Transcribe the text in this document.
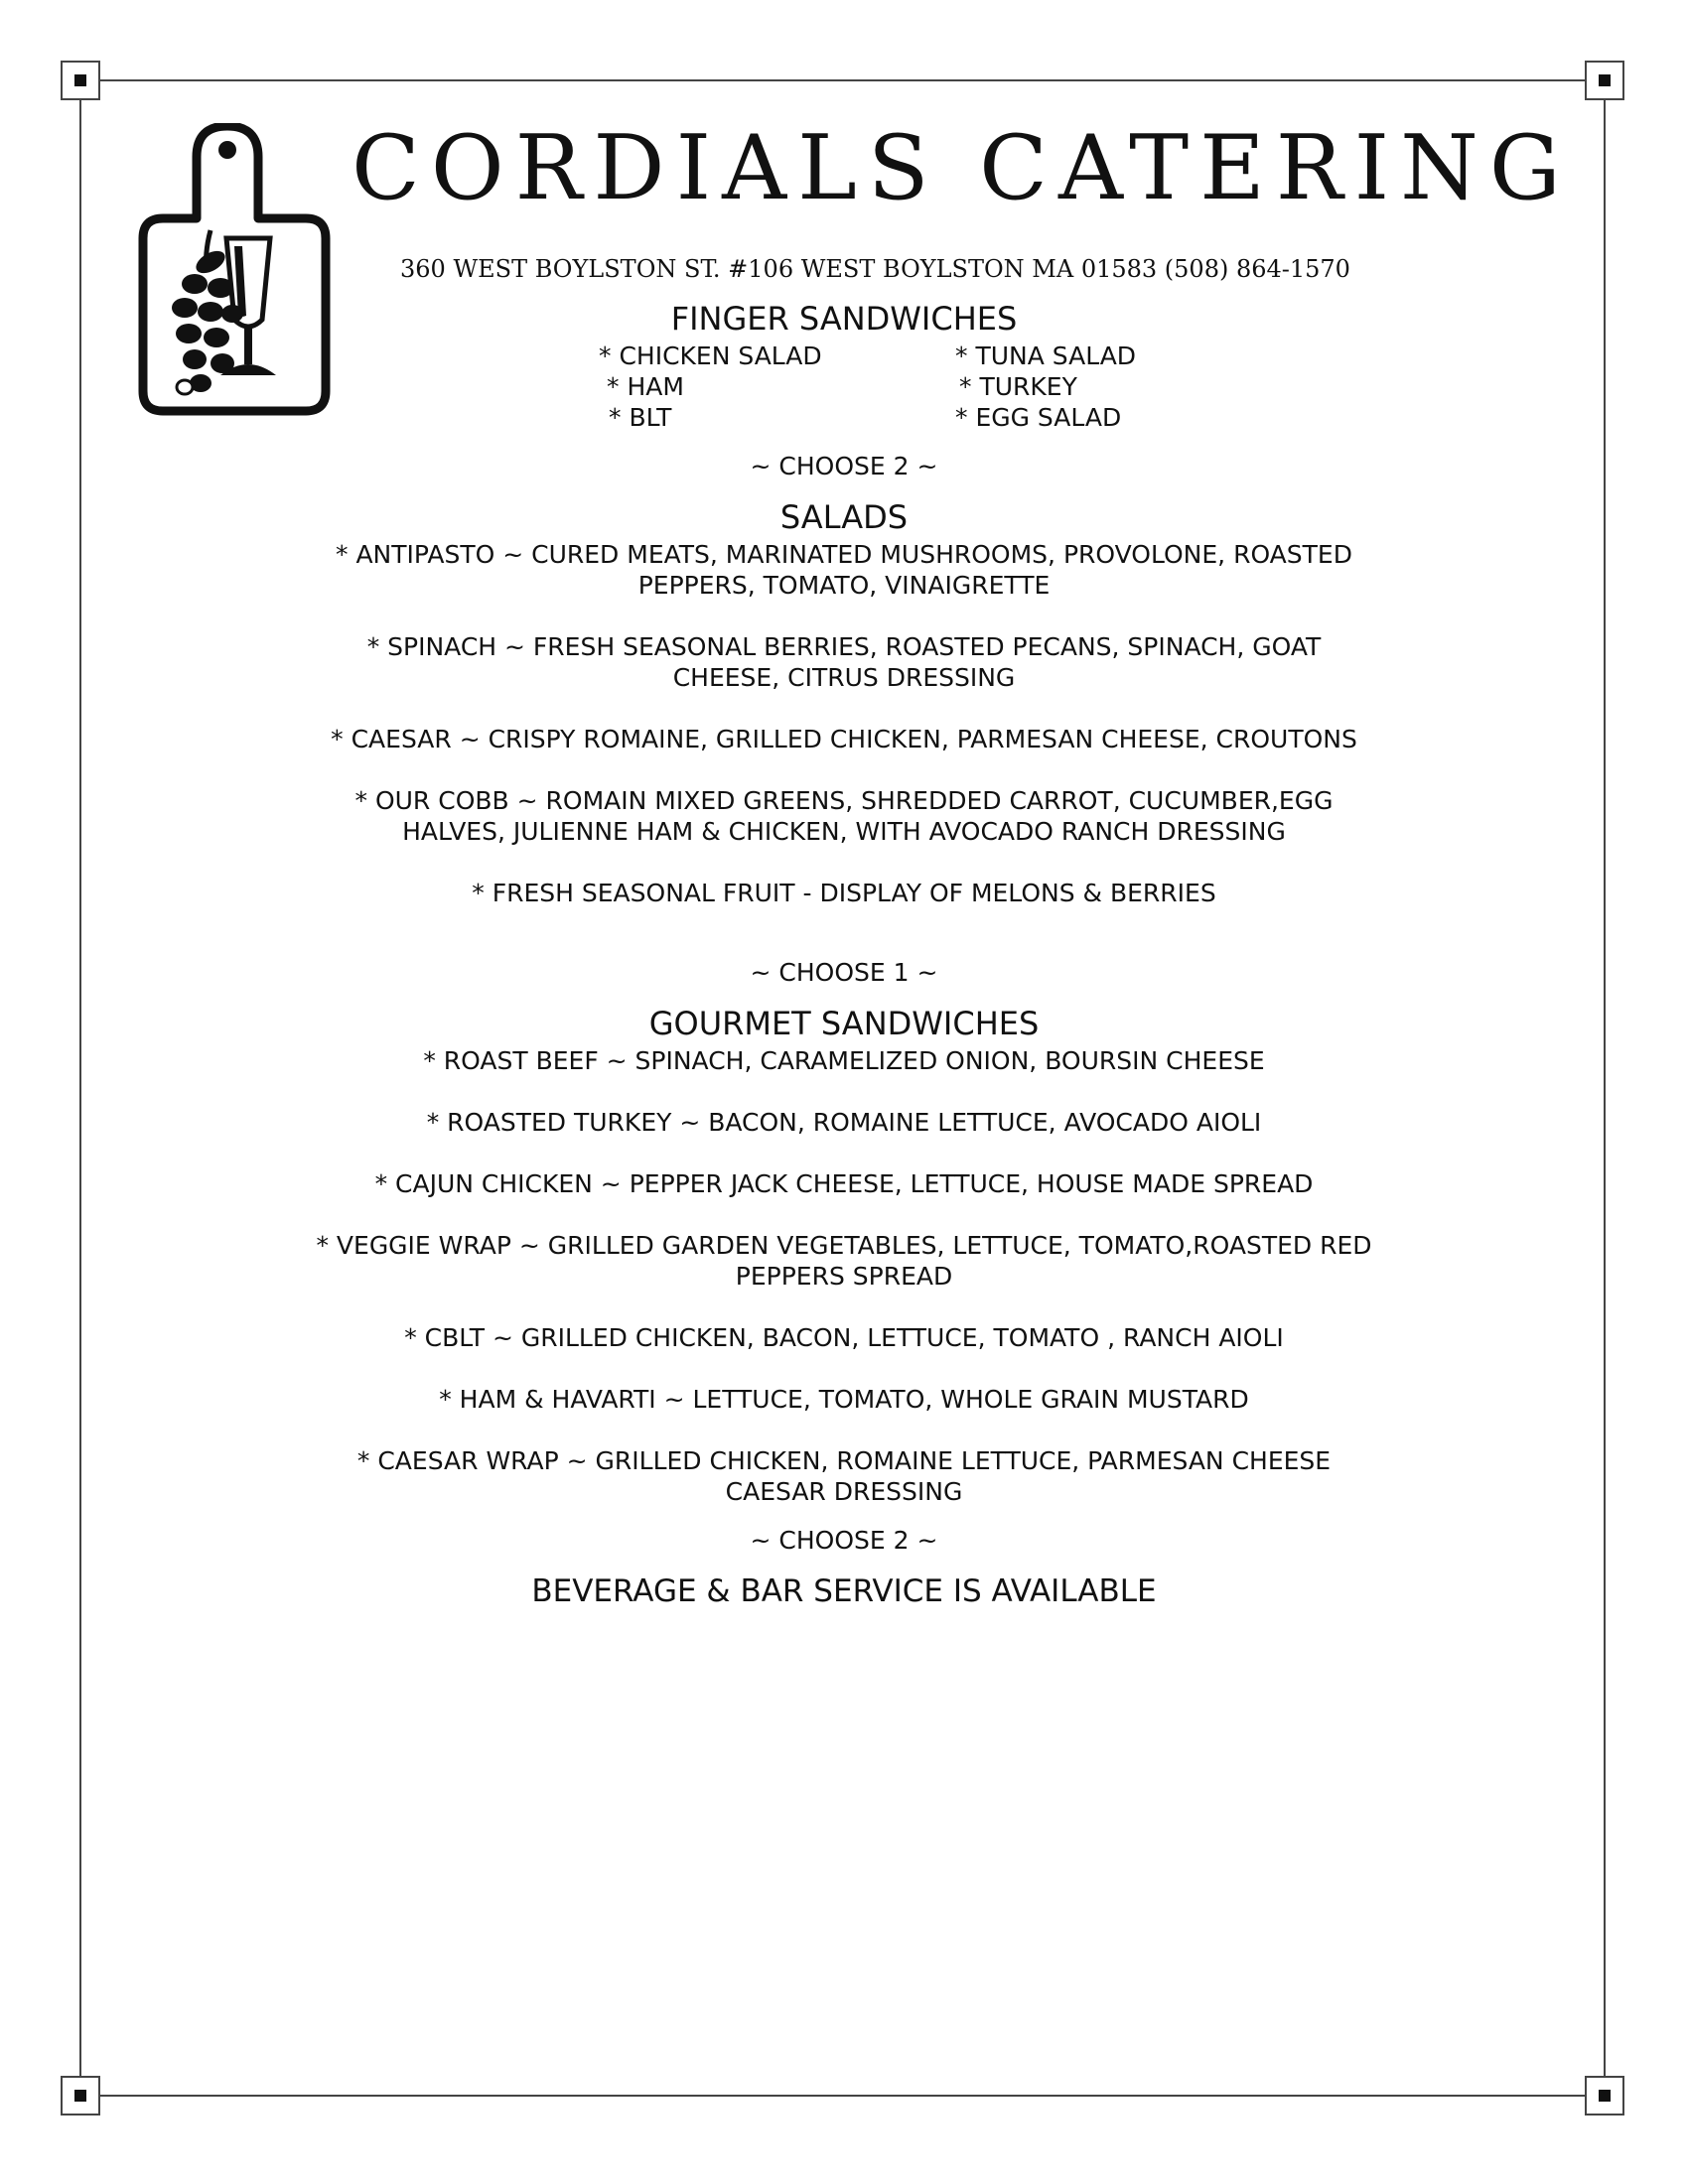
CORDIALS CATERING
360 WEST BOYLSTON ST. #106 WEST BOYLSTON MA 01583 (508) 864-1570
FINGER SANDWICHES
* CHICKEN SALAD
* HAM
* BLT
* TUNA SALAD
* TURKEY
* EGG SALAD
~ CHOOSE 2 ~
SALADS
* ANTIPASTO ~ CURED MEATS, MARINATED MUSHROOMS, PROVOLONE, ROASTED
PEPPERS, TOMATO, VINAIGRETTE
* SPINACH ~ FRESH SEASONAL BERRIES, ROASTED PECANS, SPINACH, GOAT
CHEESE, CITRUS DRESSING
* CAESAR ~ CRISPY ROMAINE, GRILLED CHICKEN, PARMESAN CHEESE, CROUTONS
* OUR COBB ~ ROMAIN MIXED GREENS, SHREDDED CARROT, CUCUMBER,EGG
HALVES, JULIENNE HAM & CHICKEN, WITH AVOCADO RANCH DRESSING
* FRESH SEASONAL FRUIT - DISPLAY OF MELONS & BERRIES
~ CHOOSE 1 ~
GOURMET SANDWICHES
* ROAST BEEF ~ SPINACH, CARAMELIZED ONION, BOURSIN CHEESE
* ROASTED TURKEY ~ BACON, ROMAINE LETTUCE, AVOCADO AIOLI
* CAJUN CHICKEN ~ PEPPER JACK CHEESE, LETTUCE, HOUSE MADE SPREAD
* VEGGIE WRAP ~ GRILLED GARDEN VEGETABLES, LETTUCE, TOMATO,ROASTED RED
PEPPERS SPREAD
* CBLT ~ GRILLED CHICKEN, BACON, LETTUCE, TOMATO , RANCH AIOLI
* HAM & HAVARTI ~ LETTUCE, TOMATO, WHOLE GRAIN MUSTARD
* CAESAR WRAP ~ GRILLED CHICKEN, ROMAINE LETTUCE, PARMESAN CHEESE
CAESAR DRESSING
~ CHOOSE 2 ~
BEVERAGE & BAR SERVICE IS AVAILABLE
